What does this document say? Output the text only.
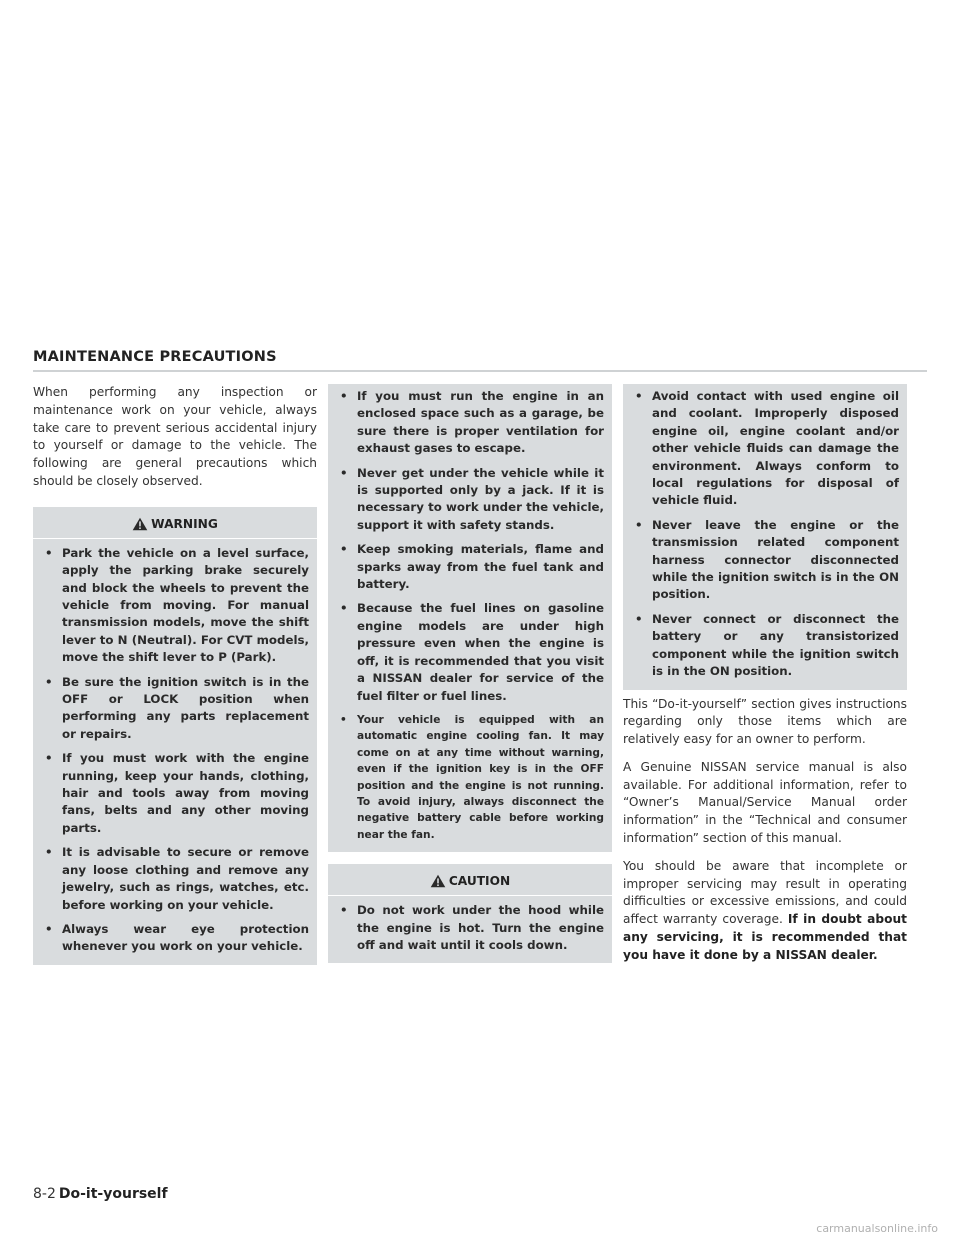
MAINTENANCE PRECAUTIONS

When performing any inspection or maintenance work on your vehicle, always take care to prevent serious accidental injury to yourself or damage to the vehicle. The following are general precautions which should be closely observed.

WARNING
• Park the vehicle on a level surface, apply the parking brake securely and block the wheels to prevent the vehicle from moving. For manual transmission models, move the shift lever to N (Neutral). For CVT models, move the shift lever to P (Park).
• Be sure the ignition switch is in the OFF or LOCK position when performing any parts replacement or repairs.
• If you must work with the engine running, keep your hands, clothing, hair and tools away from moving fans, belts and any other moving parts.
• It is advisable to secure or remove any loose clothing and remove any jewelry, such as rings, watches, etc. before working on your vehicle.
• Always wear eye protection whenever you work on your vehicle.
• If you must run the engine in an enclosed space such as a garage, be sure there is proper ventilation for exhaust gases to escape.
• Never get under the vehicle while it is supported only by a jack. If it is necessary to work under the vehicle, support it with safety stands.
• Keep smoking materials, flame and sparks away from the fuel tank and battery.
• Because the fuel lines on gasoline engine models are under high pressure even when the engine is off, it is recommended that you visit a NISSAN dealer for service of the fuel filter or fuel lines.
• Your vehicle is equipped with an automatic engine cooling fan. It may come on at any time without warning, even if the ignition key is in the OFF position and the engine is not running. To avoid injury, always disconnect the negative battery cable before working near the fan.
CAUTION
• Do not work under the hood while the engine is hot. Turn the engine off and wait until it cools down.
• Avoid contact with used engine oil and coolant. Improperly disposed engine oil, engine coolant and/or other vehicle fluids can damage the environment. Always conform to local regulations for disposal of vehicle fluid.
• Never leave the engine or the transmission related component harness connector disconnected while the ignition switch is in the ON position.
• Never connect or disconnect the battery or any transistorized component while the ignition switch is in the ON position.

This “Do-it-yourself” section gives instructions regarding only those items which are relatively easy for an owner to perform.

A Genuine NISSAN service manual is also available. For additional information, refer to “Owner’s Manual/Service Manual order information” in the “Technical and consumer information” section of this manual.

You should be aware that incomplete or improper servicing may result in operating difficulties or excessive emissions, and could affect warranty coverage. If in doubt about any servicing, it is recommended that you have it done by a NISSAN dealer.

8-2 Do-it-yourself
carmanualsonline.info
